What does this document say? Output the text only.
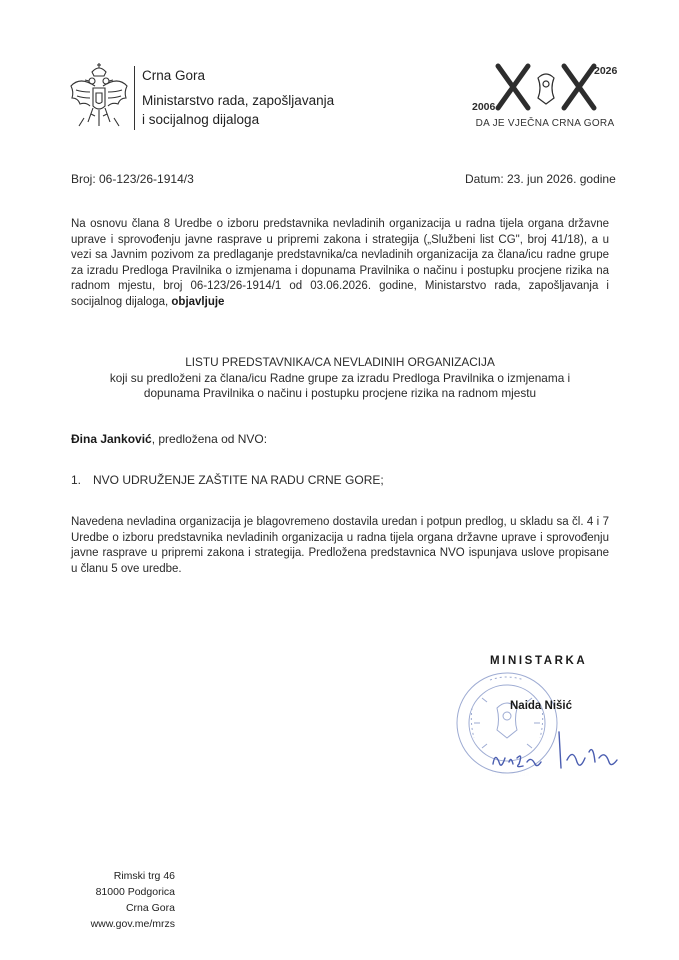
Crna Gora
Ministarstvo rada, zapošljavanja
i socijalnog dijaloga
2006
2026
DA JE VJEČNA CRNA GORA
Broj: 06-123/26-1914/3	Datum: 23. jun 2026. godine
Na osnovu člana 8 Uredbe o izboru predstavnika nevladinih organizacija u radna tijela organa državne uprave i sprovođenju javne rasprave u pripremi zakona i strategija („Službeni list CG", broj 41/18), a u vezi sa Javnim pozivom za predlaganje predstavnika/ca nevladinih organizacija za člana/icu radne grupe za izradu Predloga Pravilnika o izmjenama i dopunama Pravilnika o načinu i postupku procjene rizika na radnom mjestu, broj 06-123/26-1914/1 od 03.06.2026. godine, Ministarstvo rada, zapošljavanja i socijalnog dijaloga, objavljuje
LISTU PREDSTAVNIKA/CA NEVLADINIH ORGANIZACIJA
koji su predloženi za člana/icu Radne grupe za izradu Predloga Pravilnika o izmjenama i
dopunama Pravilnika o načinu i postupku procjene rizika na radnom mjestu
Đina Janković, predložena od NVO:
1. NVO UDRUŽENJE ZAŠTITE NA RADU CRNE GORE;
Navedena nevladina organizacija je blagovremeno dostavila uredan i potpun predlog, u skladu sa čl. 4 i 7 Uredbe o izboru predstavnika nevladinih organizacija u radna tijela organa državne uprave i sprovođenju javne rasprave u pripremi zakona i strategija. Predložena predstavnica NVO ispunjava uslove propisane u članu 5 ove uredbe.
MINISTARKA
Naida Nišić
Nišić Naida
Rimski trg 46
81000 Podgorica
Crna Gora
www.gov.me/mrzs
